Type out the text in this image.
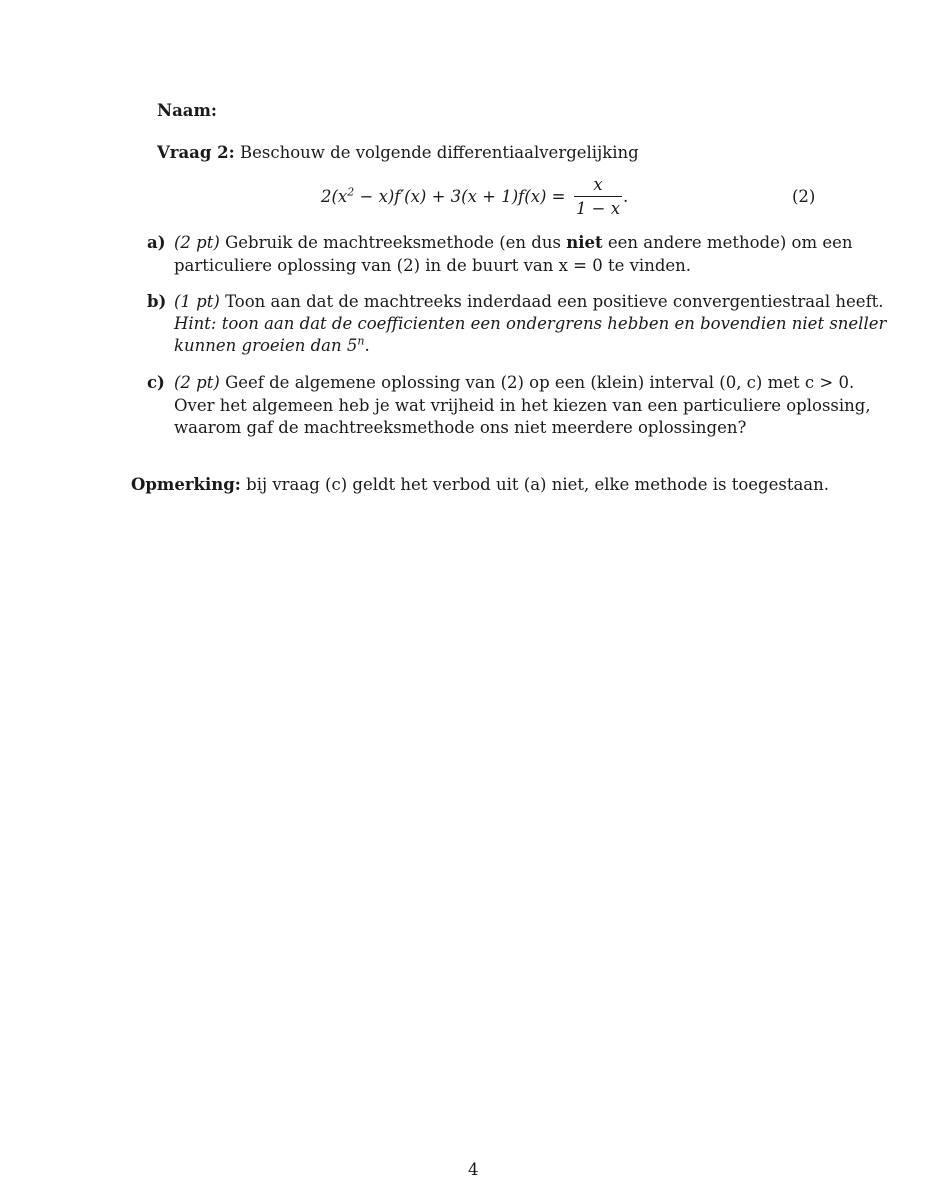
Naam:
Vraag 2: Beschouw de volgende differentiaalvergelijking
$2(x^2 - x)f'(x) + 3(x + 1)f(x) = \frac{x}{1 - x}$ .	(2)
a) (2 pt) Gebruik de machtreeksmethode (en dus niet een andere methode) om een
particuliere oplossing van (2) in de buurt van x = 0 te vinden.
b) (1 pt) Toon aan dat de machtreeks inderdaad een positieve convergentiestraal heeft.
Hint: toon aan dat de coefficienten een ondergrens hebben en bovendien niet sneller
kunnen groeien dan 5$^n$.
c) (2 pt) Geef de algemene oplossing van (2) op een (klein) interval (0, c) met c > 0.
Over het algemeen heb je wat vrijheid in het kiezen van een particuliere oplossing,
waarom gaf de machtreeksmethode ons niet meerdere oplossingen?
Opmerking: bij vraag (c) geldt het verbod uit (a) niet, elke methode is toegestaan.
4
